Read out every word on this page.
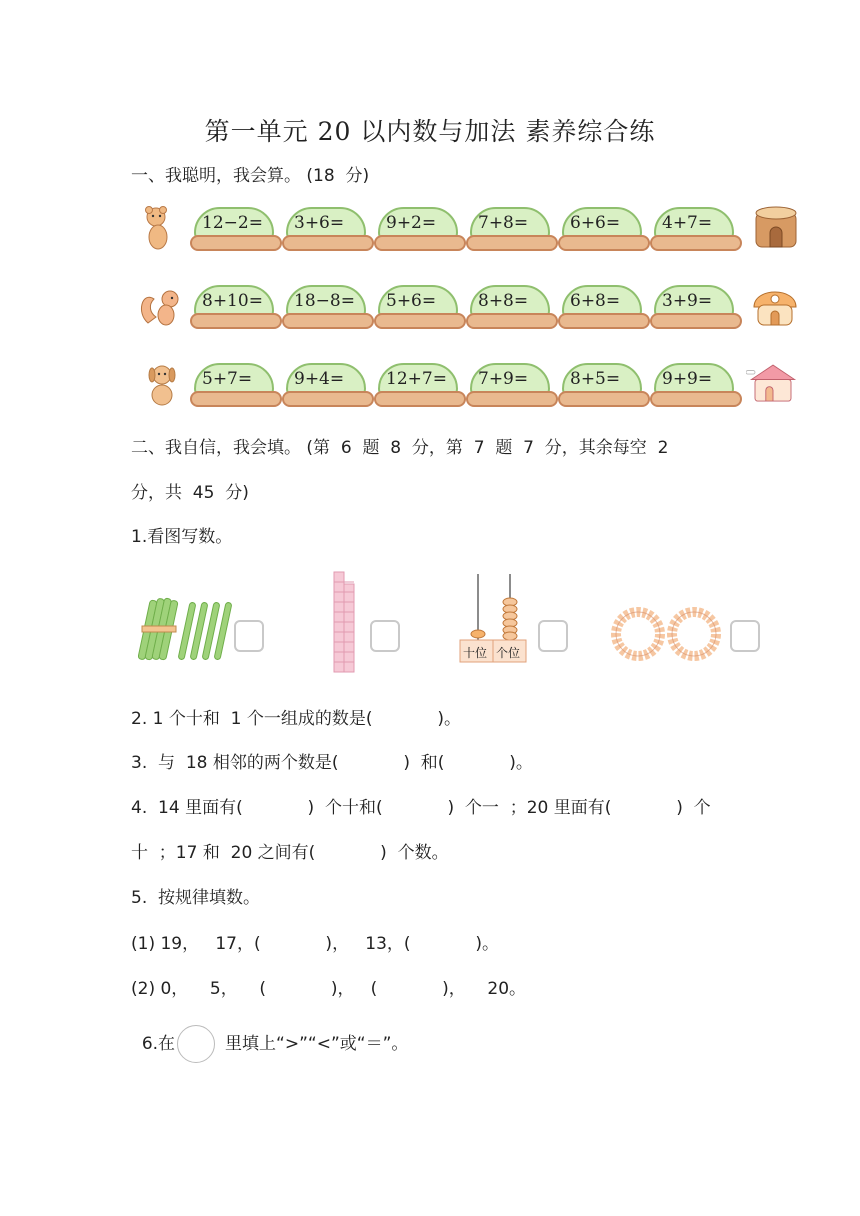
第一单元 20 以内数与加法 素养综合练
一、我聪明，我会算。 (18  分)
12−2= 3+6= 9+2= 7+8= 6+6= 4+7=
8+10= 18−8= 5+6= 8+8= 6+8= 3+9=
5+7= 9+4= 12+7= 7+9= 8+5= 9+9=
二、我自信，我会填。 (第  6  题  8  分，第  7  题  7  分，其余每空  2
分，共  45  分)
1.看图写数。
十位 个位
2. 1 个十和  1 个一组成的数是(            )。
3.  与  18 相邻的两个数是(            )  和(            )。
4.  14 里面有(            )  个十和(            )  个一  ；20 里面有(            )  个
十  ；17 和  20 之间有(            )  个数。
5.  按规律填数。
(1) 19，   17，(            )，   13，(            )。
(2) 0，    5，    (            )，   (            )，    20。

6.在	里填上“>”“<”或“＝”。
